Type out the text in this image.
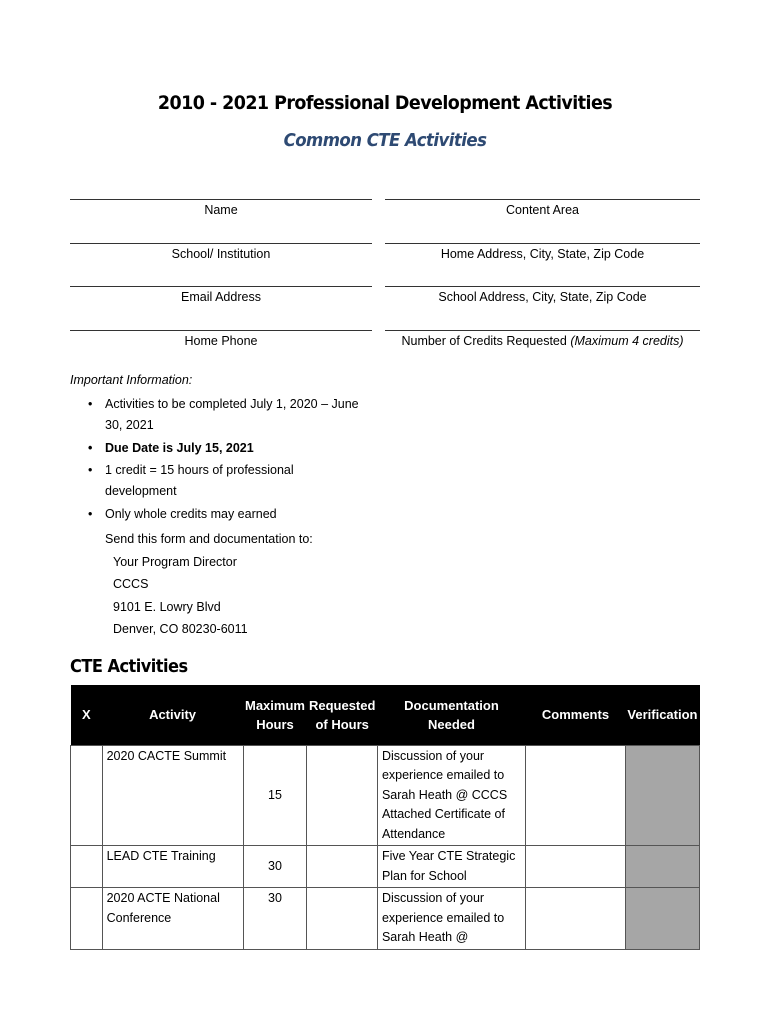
2010 - 2021 Professional Development Activities
Common CTE Activities
Name	Content Area
School/ Institution	Home Address, City, State, Zip Code
Email Address	School Address, City, State, Zip Code
Home Phone	Number of Credits Requested (Maximum 4 credits)
Important Information:
• Activities to be completed July 1, 2020 – June 30, 2021
• Due Date is July 15, 2021
• 1 credit = 15 hours of professional development
• Only whole credits may earned
Send this form and documentation to:
Your Program Director
CCCS
9101 E. Lowry Blvd
Denver, CO 80230-6011
CTE Activities
X	Activity	Maximum Hours	Requested of Hours	Documentation Needed	Comments	Verification
	2020 CACTE Summit	15		Discussion of your experience emailed to Sarah Heath @ CCCS
Attached Certificate of Attendance		

	LEAD CTE Training	30		Five Year CTE Strategic Plan for School		

	2020 ACTE National Conference	30		Discussion of your experience emailed to Sarah Heath @		
